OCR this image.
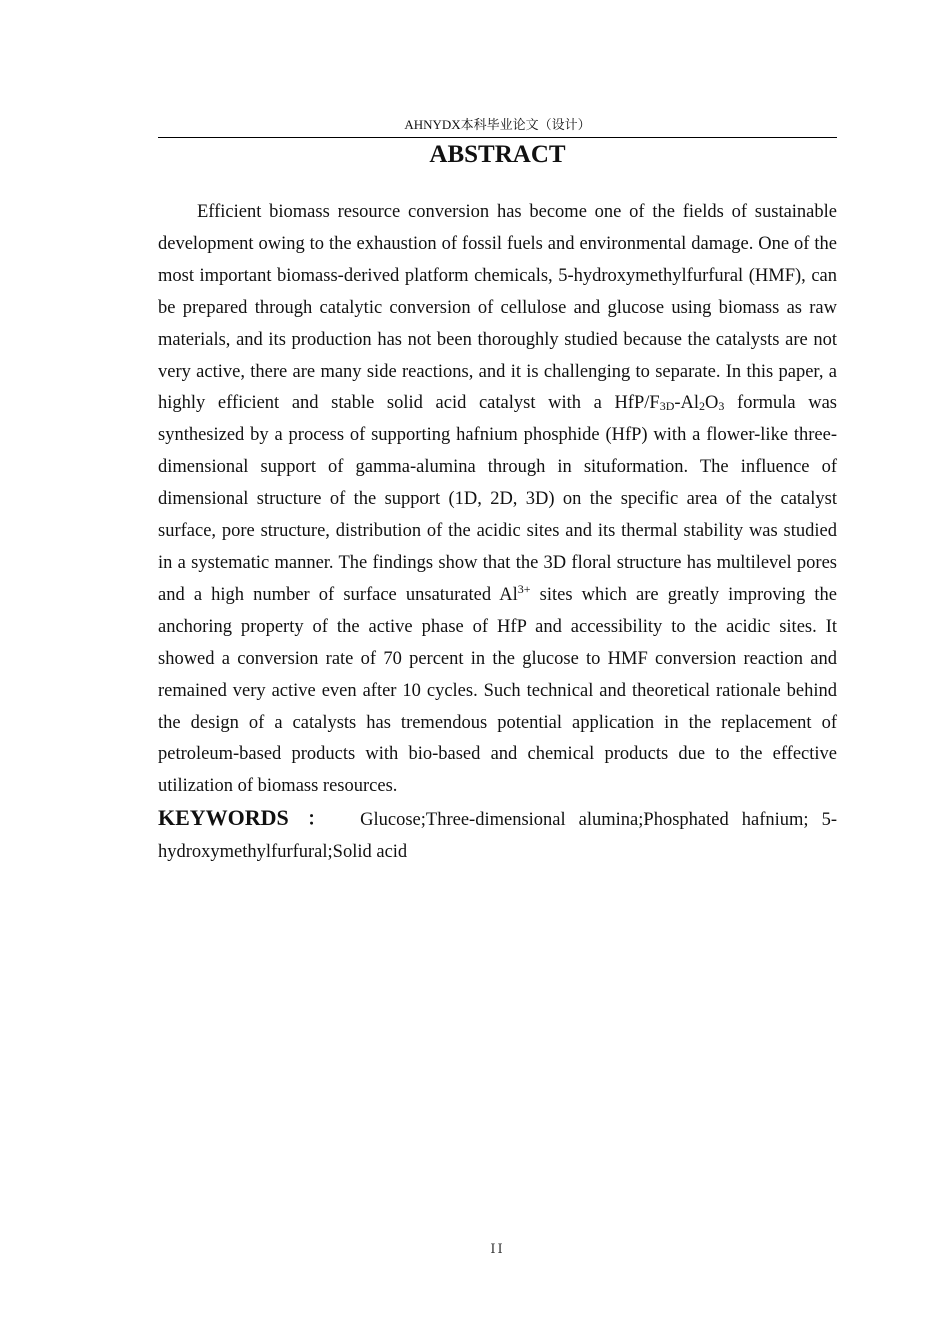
AHNYDX本科毕业论文（设计）
ABSTRACT

Efficient biomass resource conversion has become one of the fields of sustainable development owing to the exhaustion of fossil fuels and environmental damage. One of the most important biomass-derived platform chemicals, 5-hydroxymethylfurfural (HMF), can be prepared through catalytic conversion of cellulose and glucose using biomass as raw materials, and its production has not been thoroughly studied because the catalysts are not very active, there are many side reactions, and it is challenging to separate. In this paper, a highly efficient and stable solid acid catalyst with a HfP/$F_{3D}-Al_2O_3$ formula was synthesized by a process of supporting hafnium phosphide (HfP) with a flower-like three-dimensional support of gamma-alumina through in situformation. The influence of dimensional structure of the support (1D, 2D, 3D) on the specific area of the catalyst surface, pore structure, distribution of the acidic sites and its thermal stability was studied in a systematic manner. The findings show that the 3D floral structure has multilevel pores and a high number of surface unsaturated $Al^{3+}$ sites which are greatly improving the anchoring property of the active phase of HfP and accessibility to the acidic sites. It showed a conversion rate of 70 percent in the glucose to HMF conversion reaction and remained very active even after 10 cycles. Such technical and theoretical rationale behind the design of a catalysts has tremendous potential application in the replacement of petroleum-based products with bio-based and chemical products due to the effective utilization of biomass resources.

KEYWORDS ： Glucose;Three-dimensional alumina;Phosphated hafnium; 5-hydroxymethylfurfural;Solid acid

II
